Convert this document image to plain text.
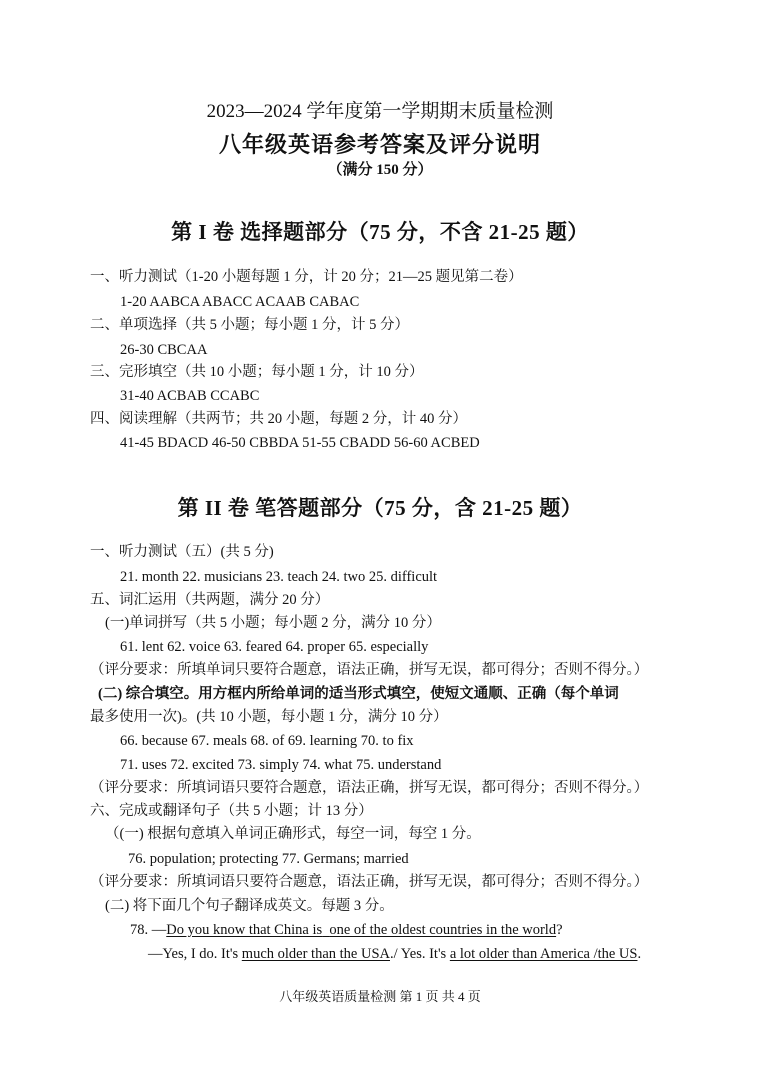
2023—2024 学年度第一学期期末质量检测
八年级英语参考答案及评分说明
（满分 150 分）
第 I 卷 选择题部分（75 分，不含 21-25 题）
一、听力测试（1-20 小题每题 1 分，计 20 分；21—25 题见第二卷）
1-20 AABCA ABACC ACAAB CABAC
二、单项选择（共 5 小题；每小题 1 分，计 5 分）
26-30 CBCAA
三、完形填空（共 10 小题；每小题 1 分，计 10 分）
31-40 ACBAB CCABC
四、阅读理解（共两节；共 20 小题，每题 2 分，计 40 分）
41-45 BDACD 46-50 CBBDA 51-55 CBADD 56-60 ACBED
第 II 卷 笔答题部分（75 分，含 21-25 题）
一、听力测试（五）(共 5 分)
21. month 22. musicians 23. teach 24. two 25. difficult
五、词汇运用（共两题，满分 20 分）
(一)单词拼写（共 5 小题；每小题 2 分，满分 10 分）
61. lent 62. voice 63. feared 64. proper 65. especially
（评分要求：所填单词只要符合题意，语法正确，拼写无误，都可得分；否则不得分。）
(二) 综合填空。用方框内所给单词的适当形式填空，使短文通顺、正确（每个单词
最多使用一次)。(共 10 小题，每小题 1 分，满分 10 分）
66. because 67. meals 68. of 69. learning 70. to fix
71. uses 72. excited 73. simply 74. what 75. understand
（评分要求：所填词语只要符合题意，语法正确，拼写无误，都可得分；否则不得分。）
六、完成或翻译句子（共 5 小题；计 13 分）
（(一) 根据句意填入单词正确形式，每空一词，每空 1 分。
76. population; protecting 77. Germans; married
（评分要求：所填词语只要符合题意，语法正确，拼写无误，都可得分；否则不得分。）
(二) 将下面几个句子翻译成英文。每题 3 分。
78. —Do you know that China is one of the oldest countries in the world?
—Yes, I do. It's much older than the USA./ Yes. It's a lot older than America /the US.
八年级英语质量检测 第 1 页 共 4 页
